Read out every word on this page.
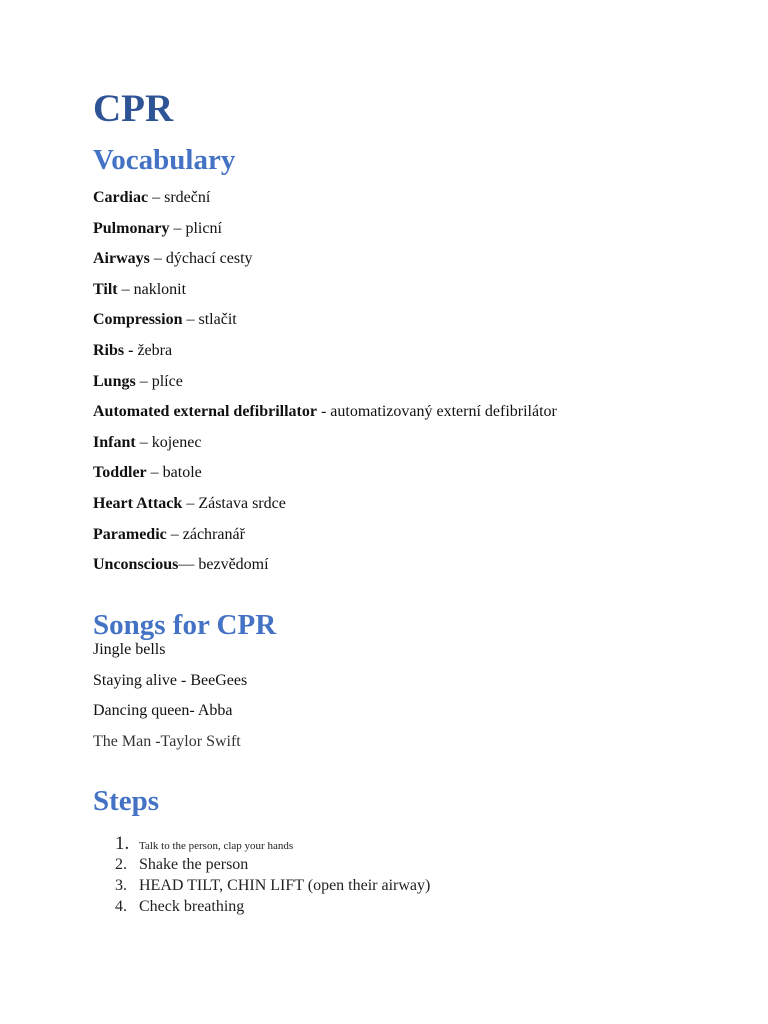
CPR
Vocabulary
Cardiac – srdeční
Pulmonary – plicní
Airways – dýchací cesty
Tilt – naklonit
Compression – stlačit
Ribs - žebra
Lungs – plíce
Automated external defibrillator - automatizovaný externí defibrilátor
Infant – kojenec
Toddler – batole
Heart Attack – Zástava srdce
Paramedic – záchranář
Unconscious— bezvědomí
Songs for CPR
Jingle bells
Staying alive - BeeGees
Dancing queen- Abba
The Man -Taylor Swift
Steps
1. Talk to the person, clap your hands
2. Shake the person
3. HEAD TILT, CHIN LIFT (open their airway)
4. Check breathing
